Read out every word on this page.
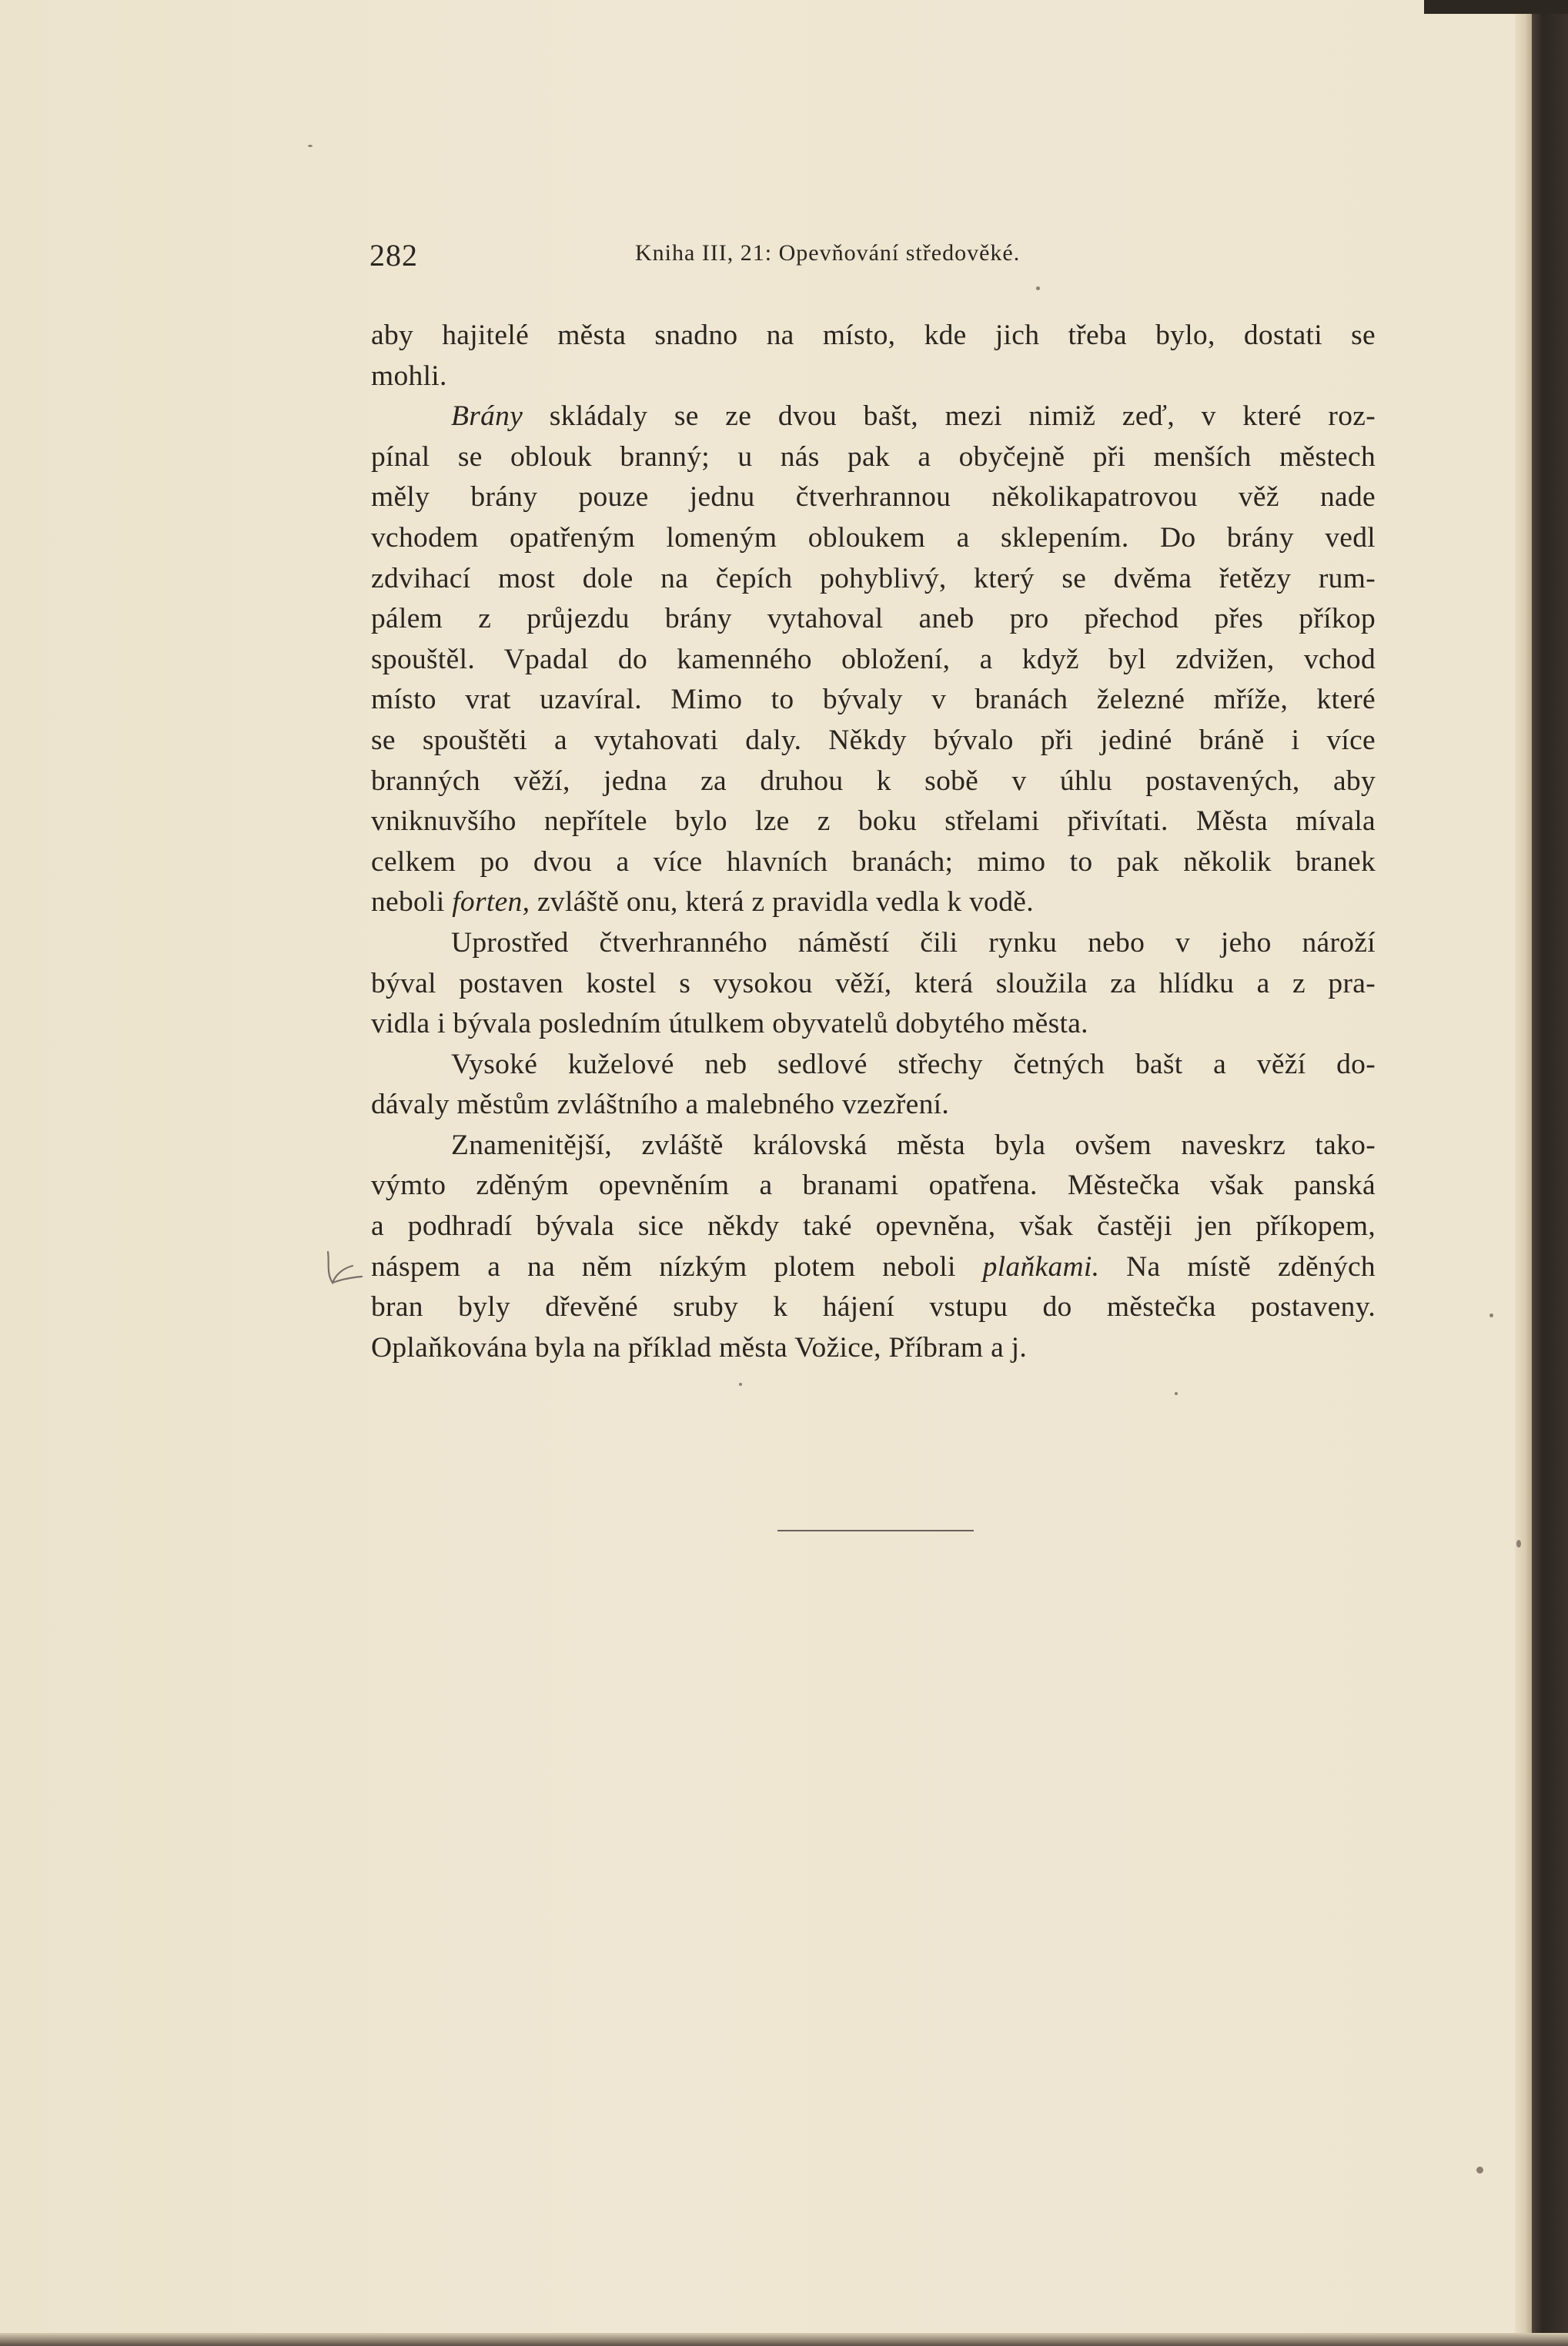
282	Kniha III, 21: Opevňování středověké.
aby hajitelé města snadno na místo, kde jich třeba bylo, dostati se
mohli.
Brány skládaly se ze dvou bašt, mezi nimiž zeď, v které roz-
pínal se oblouk branný; u nás pak a obyčejně při menších městech
měly brány pouze jednu čtverhrannou několikapatrovou věž nade
vchodem opatřeným lomeným obloukem a sklepením. Do brány vedl
zdvihací most dole na čepích pohyblivý, který se dvěma řetězy rum-
pálem z průjezdu brány vytahoval aneb pro přechod přes příkop
spouštěl. Vpadal do kamenného obložení, a když byl zdvižen, vchod
místo vrat uzavíral. Mimo to bývaly v branách železné mříže, které
se spouštěti a vytahovati daly. Někdy bývalo při jediné bráně i více
branných věží, jedna za druhou k sobě v úhlu postavených, aby
vniknuvšího nepřítele bylo lze z boku střelami přivítati. Města mívala
celkem po dvou a více hlavních branách; mimo to pak několik branek
neboli forten, zvláště onu, která z pravidla vedla k vodě.
Uprostřed čtverhranného náměstí čili rynku nebo v jeho nároží
býval postaven kostel s vysokou věží, která sloužila za hlídku a z pra-
vidla i bývala posledním útulkem obyvatelů dobytého města.
Vysoké kuželové neb sedlové střechy četných bašt a věží do-
dávaly městům zvláštního a malebného vzezření.
Znamenitější, zvláště královská města byla ovšem naveskrz tako-
výmto zděným opevněním a branami opatřena. Městečka však panská
a podhradí bývala sice někdy také opevněna, však častěji jen příkopem,
náspem a na něm nízkým plotem neboli plaňkami. Na místě zděných
bran byly dřevěné sruby k hájení vstupu do městečka postaveny.
Oplaňkována byla na příklad města Vožice, Příbram a j.
